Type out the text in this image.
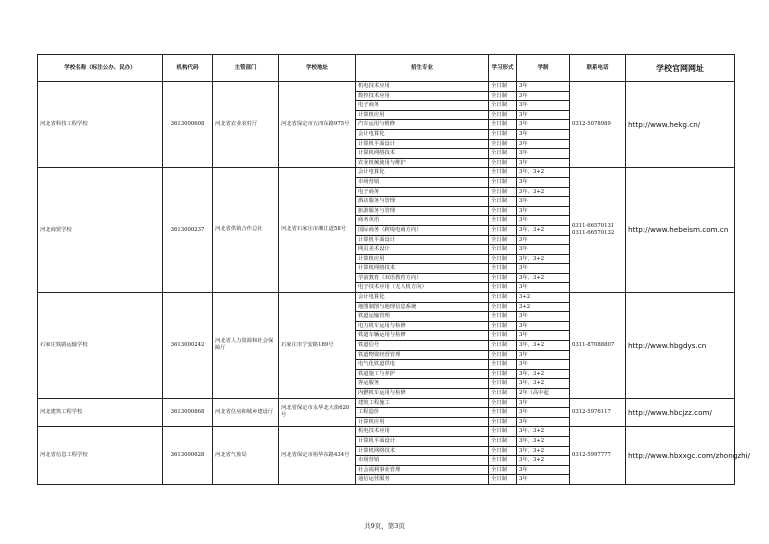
学校名称（标注公办、民办）	机构代码	主管部门	学校地址	招生专业	学习形式	学制	联系电话	学校官网网址
河北省科技工程学校	3613000608	河北省农业农村厅	河北省保定市五四东路975号	机电技术应用	全日制	3年	0312-5078989	http://www.hekg.cn/
				数控技术应用	全日制	3年		
				电子商务	全日制	3年		
				计算机应用	全日制	3年		
				汽车运用与维修	全日制	3年		
				会计电算化	全日制	3年		
				计算机平面设计	全日制	3年		
				计算机网络技术	全日制	3年		
				农业机械使用与维护	全日制	3年		
河北商贸学校	3613000237	河北省供销合作总社	河北省石家庄市湘江道58号	会计电算化	全日制	3年、3+2	0311-66570131 0311-66570132	http://www.hebeism.com.cn
				市场营销	全日制	3年		
				电子商务	全日制	3年、3+2		
				酒店服务与管理	全日制	3年		
				旅游服务与管理	全日制	3年		
				商务英语	全日制	3年		
				国际商务（跨境电商方向）	全日制	3年、3+2		
				计算机平面设计	全日制	3年		
				网页美术设计	全日制	3年		
				计算机应用	全日制	3年、3+2		
				计算机网络技术	全日制	3年		
				学前教育（双语教育方向）	全日制	3年、3+2		
				电子技术应用（无人机方向）	全日制	3年		
石家庄铁路运输学校	3613000242	河北省人力资源和社会保障厅	石家庄市宁安路189号	会计电算化	全日制	3+2	0311-87088807	http://www.hbgdys.cn
				地图制图与地理信息系统	全日制	3+2		
				铁道运输管理	全日制	3年		
				电力机车运用与检修	全日制	3年		
				铁道车辆运用与检修	全日制	3年		
				铁道信号	全日制	3年、3+2		
				铁道物资经营管理	全日制	3年		
				电气化铁道供电	全日制	3年		
				铁道施工与养护	全日制	3年、3+2		
				客运服务	全日制	3年、3+2		
				内燃机车运用与检修	全日制	2年（高中起		
河北建筑工程学校	3613000868	河北省住房和城乡建设厅	河北省保定市永华北大街620号	建筑工程施工	全日制	3年	0312-5976117	http://www.hbcjzz.com/
				工程造价	全日制	3年		
				计算机应用	全日制	3年		
河北省信息工程学校	3613000628	河北省气象局	河北省保定市裕华东路434号	机电技术应用	全日制	3年、3+2	0312-5997777	http://www.hbxxgc.com/zhongzhi/
				计算机平面设计	全日制	3年、3+2		
				计算机网络技术	全日制	3年、3+2		
				市场营销	全日制	3年、3+2		
				社会福利事业管理	全日制	3年		
				通信运营服务	全日制	3年		
共9页，第3页
